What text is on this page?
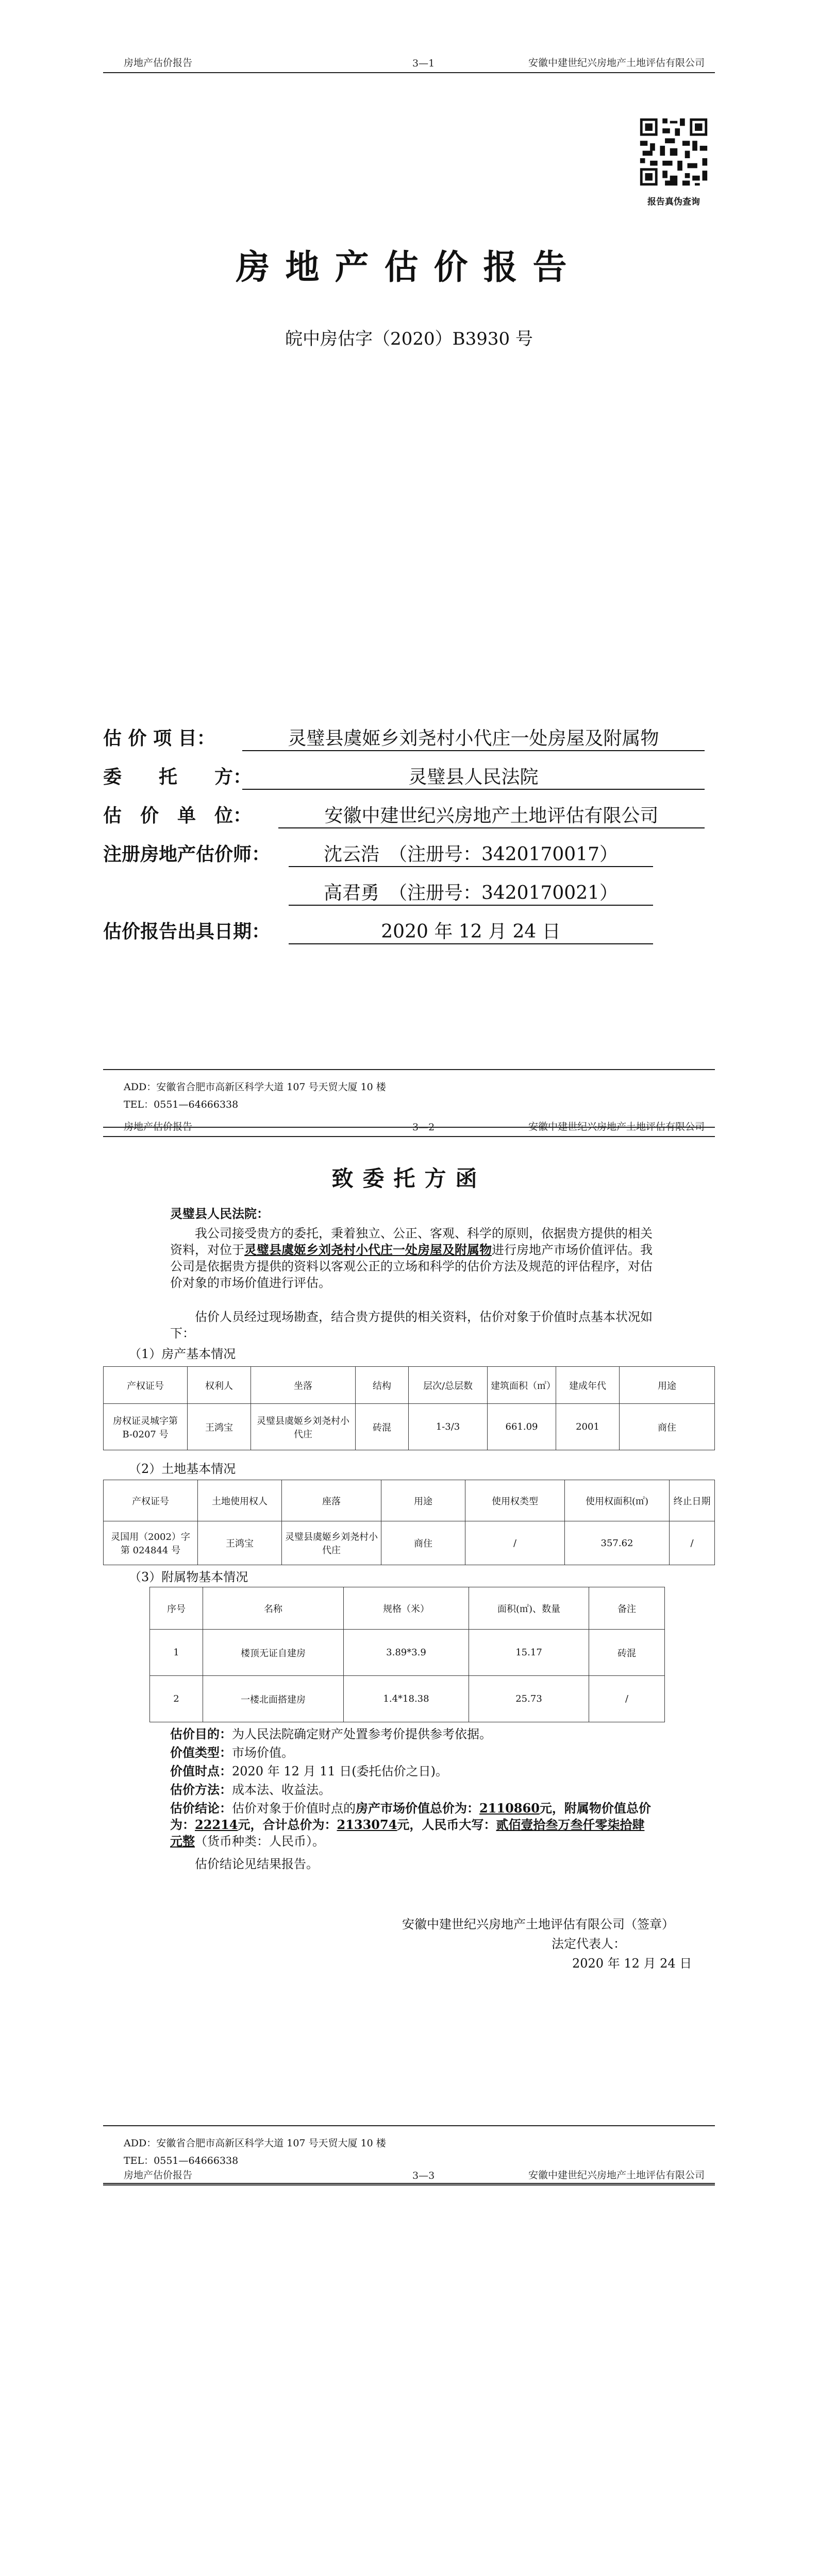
房地产估价报告	3—1	安徽中建世纪兴房地产土地评估有限公司
报告真伪查询
房地产估价报告
皖中房估字（2020）B3930 号
估 价 项 目：	灵璧县虞姬乡刘尧村小代庄一处房屋及附属物
委　　托　　方：	灵璧县人民法院
估　价　单　位：	安徽中建世纪兴房地产土地评估有限公司
注册房地产估价师：	沈云浩　（注册号：3420170017）
高君勇　（注册号：3420170021）
估价报告出具日期：	2020 年 12 月 24 日
ADD：安徽省合肥市高新区科学大道 107 号天贸大厦 10 楼
TEL：0551—64666338
房地产估价报告	3—2	安徽中建世纪兴房地产土地评估有限公司
致委托方函
灵璧县人民法院：
我公司接受贵方的委托，秉着独立、公正、客观、科学的原则，依据贵方提供的相关资料，对位于灵璧县虞姬乡刘尧村小代庄一处房屋及附属物进行房地产市场价值评估。我公司是依据贵方提供的资料以客观公正的立场和科学的估价方法及规范的评估程序，对估价对象的市场价值进行评估。
估价人员经过现场勘查，结合贵方提供的相关资料，估价对象于价值时点基本状况如下：
（1）房产基本情况
产权证号	权利人	坐落	结构	层次/总层数	建筑面积（㎡）	建成年代	用途
房权证灵城字第 B-0207 号	王鸿宝	灵璧县虞姬乡刘尧村小代庄	砖混	1-3/3	661.09	2001	商住
（2）土地基本情况
产权证号	土地使用权人	座落	用途	使用权类型	使用权面积(㎡)	终止日期
灵国用（2002）字第 024844 号	王鸿宝	灵璧县虞姬乡刘尧村小代庄	商住	/	357.62	/
（3）附属物基本情况
序号	名称	规格（米）	面积(㎡)、数量	备注
1	楼顶无证自建房	3.89*3.9	15.17	砖混
2	一楼北面搭建房	1.4*18.38	25.73	/
估价目的：为人民法院确定财产处置参考价提供参考依据。
价值类型：市场价值。
价值时点：2020 年 12 月 11 日(委托估价之日)。
估价方法：成本法、收益法。
估价结论：估价对象于价值时点的房产市场价值总价为：2110860元，附属物价值总价为：22214元，合计总价为：2133074元，人民币大写：贰佰壹拾叁万叁仟零柒拾肆元整（货币种类：人民币）。
估价结论见结果报告。
安徽中建世纪兴房地产土地评估有限公司（签章）
法定代表人：
2020 年 12 月 24 日
ADD：安徽省合肥市高新区科学大道 107 号天贸大厦 10 楼
TEL：0551—64666338
房地产估价报告	3—3	安徽中建世纪兴房地产土地评估有限公司
